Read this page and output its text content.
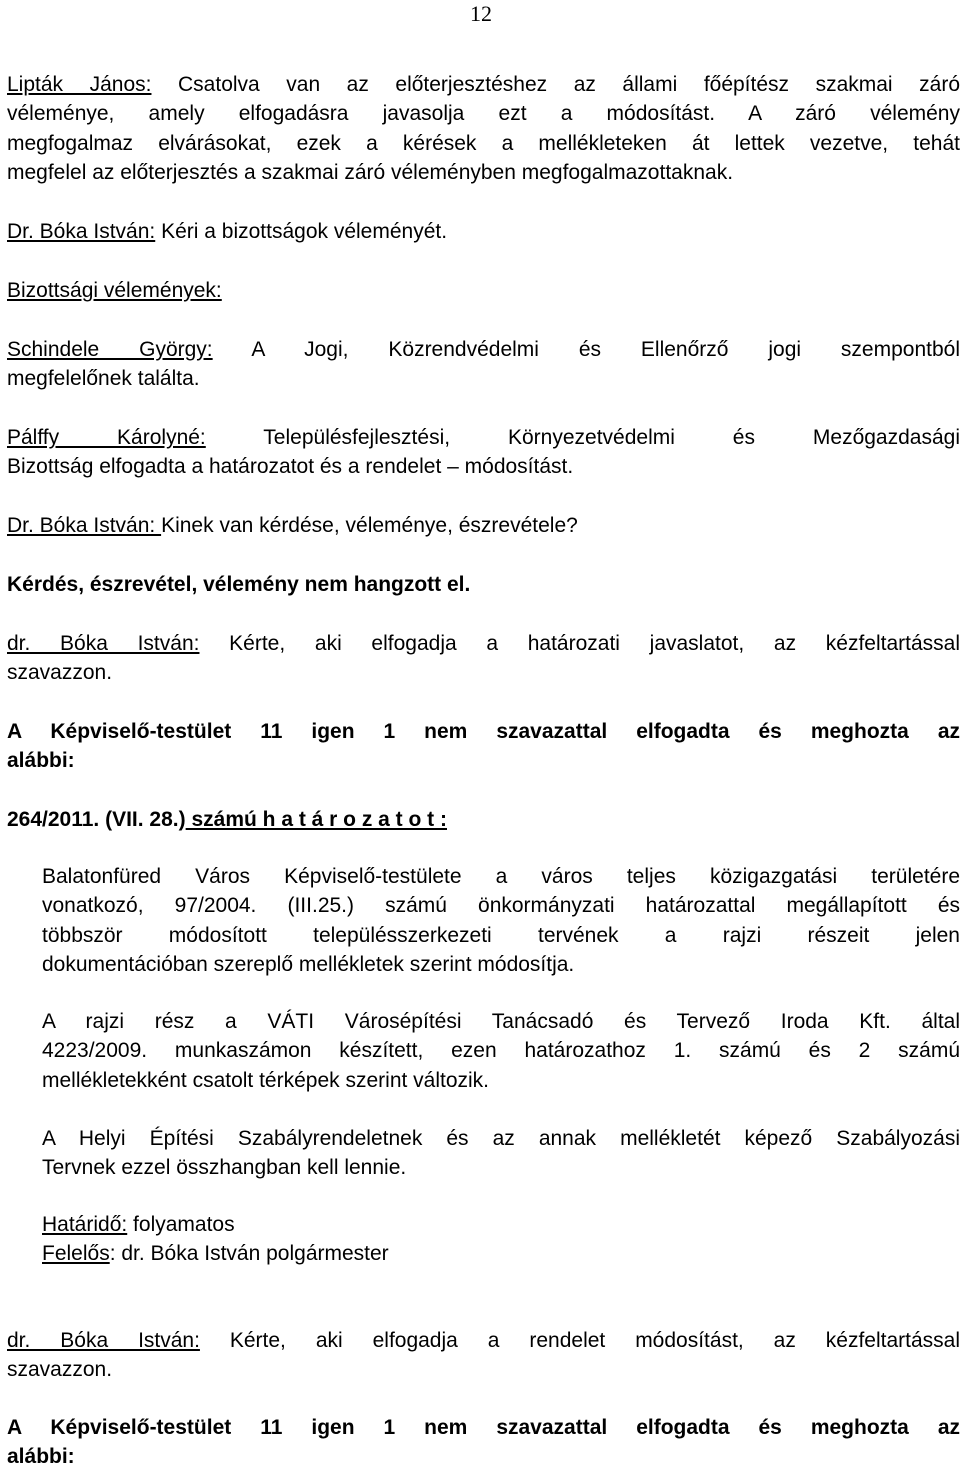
12
Lipták János: Csatolva van az előterjesztéshez az állami főépítész szakmai záró
véleménye, amely elfogadásra javasolja ezt a módosítást. A záró vélemény
megfogalmaz elvárásokat, ezek a kérések a mellékleteken át lettek vezetve, tehát
megfelel az előterjesztés a szakmai záró véleményben megfogalmazottaknak.
Dr. Bóka István: Kéri a bizottságok véleményét.
Bizottsági vélemények:
Schindele György: A Jogi, Közrendvédelmi és Ellenőrző jogi szempontból
megfelelőnek találta.
Pálffy Károlyné: Településfejlesztési, Környezetvédelmi és Mezőgazdasági
Bizottság elfogadta a határozatot és a rendelet – módosítást.
Dr. Bóka István: Kinek van kérdése, véleménye, észrevétele?
Kérdés, észrevétel, vélemény nem hangzott el.
dr. Bóka István: Kérte, aki elfogadja a határozati javaslatot, az kézfeltartással
szavazzon.
A Képviselő-testület 11 igen 1 nem szavazattal elfogadta és meghozta az
alábbi:
264/2011. (VII. 28.) számú h a t á r o z a t o t :
Balatonfüred Város Képviselő-testülete a város teljes közigazgatási területére
vonatkozó, 97/2004. (III.25.) számú önkormányzati határozattal megállapított és
többször módosított településszerkezeti tervének a rajzi részeit jelen
dokumentációban szereplő mellékletek szerint módosítja.
A rajzi rész a VÁTI Városépítési Tanácsadó és Tervező Iroda Kft. által
4223/2009. munkaszámon készített, ezen határozathoz 1. számú és 2 számú
mellékletekként csatolt térképek szerint változik.
A Helyi Építési Szabályrendeletnek és az annak mellékletét képező Szabályozási
Tervnek ezzel összhangban kell lennie.
Határidő: folyamatos
Felelős: dr. Bóka István polgármester
dr. Bóka István: Kérte, aki elfogadja a rendelet módosítást, az kézfeltartással
szavazzon.
A Képviselő-testület 11 igen 1 nem szavazattal elfogadta és meghozta az
alábbi:
